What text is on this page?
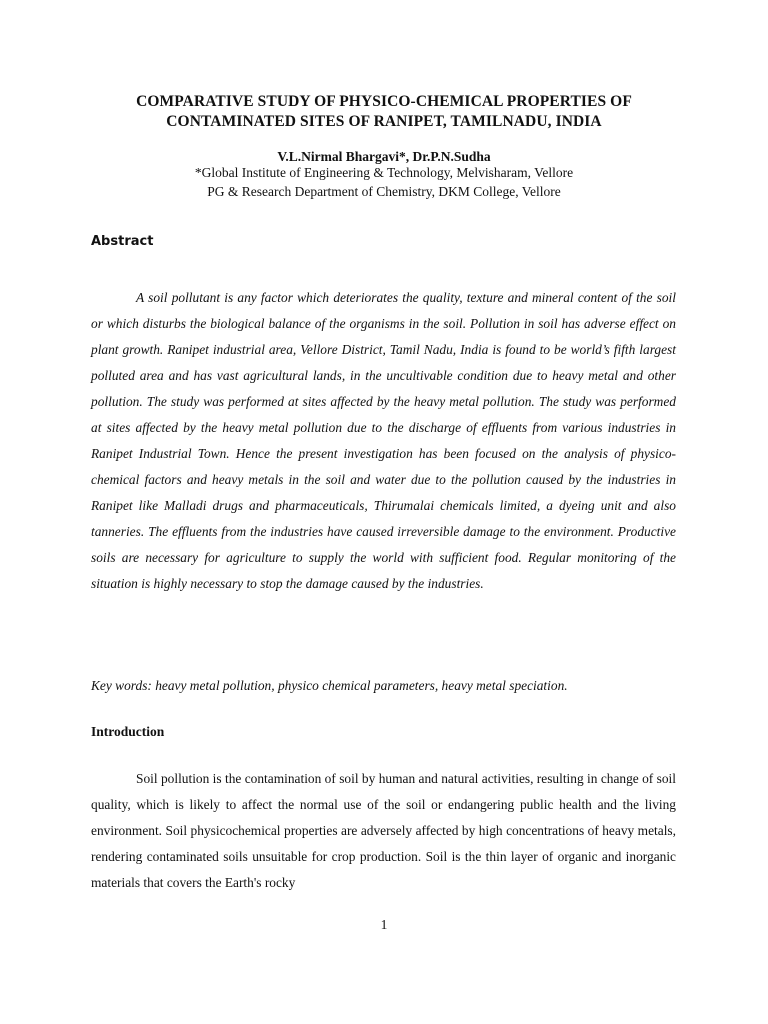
COMPARATIVE STUDY OF PHYSICO-CHEMICAL PROPERTIES OF
CONTAMINATED SITES OF RANIPET, TAMILNADU, INDIA
V.L.Nirmal Bhargavi*, Dr.P.N.Sudha
*Global Institute of Engineering & Technology, Melvisharam, Vellore
PG & Research Department of Chemistry, DKM College, Vellore
Abstract

A soil pollutant is any factor which deteriorates the quality, texture and mineral content of the soil or which disturbs the biological balance of the organisms in the soil. Pollution in soil has adverse effect on plant growth. Ranipet industrial area, Vellore District, Tamil Nadu, India is found to be world’s fifth largest polluted area and has vast agricultural lands, in the uncultivable condition due to heavy metal and other pollution. The study was performed at sites affected by the heavy metal pollution. The study was performed at sites affected by the heavy metal pollution due to the discharge of effluents from various industries in Ranipet Industrial Town. Hence the present investigation has been focused on the analysis of physico-chemical factors and heavy metals in the soil and water due to the pollution caused by the industries in Ranipet like Malladi drugs and pharmaceuticals, Thirumalai chemicals limited, a dyeing unit and also tanneries. The effluents from the industries have caused irreversible damage to the environment. Productive soils are necessary for agriculture to supply the world with sufficient food. Regular monitoring of the situation is highly necessary to stop the damage caused by the industries.

Key words: heavy metal pollution, physico chemical parameters, heavy metal speciation.

Introduction

Soil pollution is the contamination of soil by human and natural activities, resulting in change of soil quality, which is likely to affect the normal use of the soil or endangering public health and the living environment. Soil physicochemical properties are adversely affected by high concentrations of heavy metals, rendering contaminated soils unsuitable for crop production. Soil is the thin layer of organic and inorganic materials that covers the Earth's rocky

1
